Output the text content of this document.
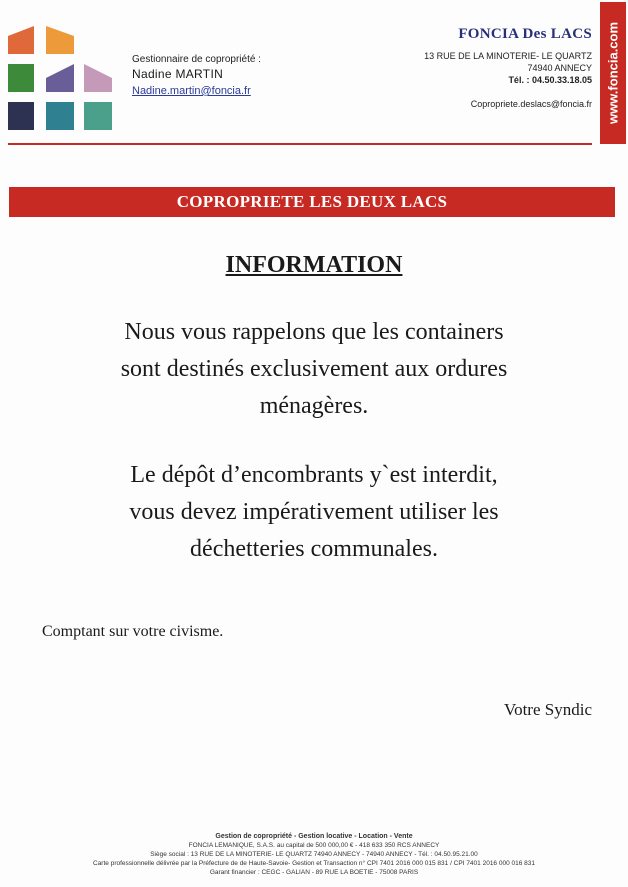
Gestionnaire de copropriété :
Nadine MARTIN
Nadine.martin@foncia.fr
FONCIA Des LACS
13 RUE DE LA MINOTERIE- LE QUARTZ
74940 ANNECY
Tél. : 04.50.33.18.05
Copropriete.deslacs@foncia.fr www.foncia.com
COPROPRIETE LES DEUX LACS
INFORMATION
Nous vous rappelons que les containers
sont destinés exclusivement aux ordures
ménagères.
Le dépôt d’encombrants y`est interdit,
vous devez impérativement utiliser les
déchetteries communales.
Comptant sur votre civisme.
Votre Syndic
Gestion de copropriété - Gestion locative - Location - Vente
FONCIA LEMANIQUE, S.A.S. au capital de 500 000,00 € - 418 633 350 RCS ANNECY
Siège social : 13 RUE DE LA MINOTERIE- LE QUARTZ 74940 ANNECY - 74940 ANNECY - Tél. : 04.50.95.21.00
Carte professionnelle délivrée par la Préfecture de de Haute-Savoie- Gestion et Transaction n° CPI 7401 2016 000 015 831 / CPI 7401 2016 000 016 831
Garant financier : CEGC - GALIAN - 89 RUE LA BOETIE - 75008 PARIS
